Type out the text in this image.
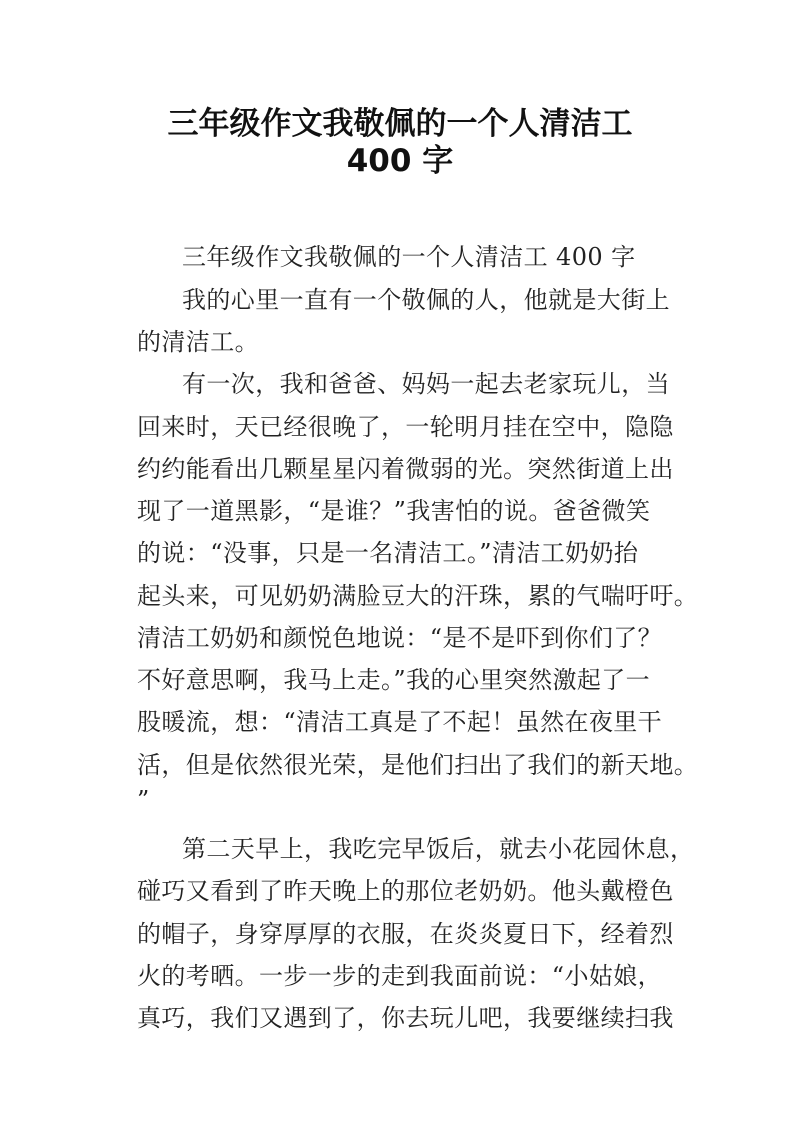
三年级作文我敬佩的一个人清洁工
400 字
三年级作文我敬佩的一个人清洁工 400 字
我的心里一直有一个敬佩的人，他就是大街上
的清洁工。
有一次，我和爸爸、妈妈一起去老家玩儿，当
回来时，天已经很晚了，一轮明月挂在空中，隐隐
约约能看出几颗星星闪着微弱的光。突然街道上出
现了一道黑影，“是谁？”我害怕的说。爸爸微笑
的说：“没事，只是一名清洁工。”清洁工奶奶抬
起头来，可见奶奶满脸豆大的汗珠，累的气喘吁吁。
清洁工奶奶和颜悦色地说：“是不是吓到你们了？
不好意思啊，我马上走。”我的心里突然激起了一
股暖流，想：“清洁工真是了不起！虽然在夜里干
活，但是依然很光荣，是他们扫出了我们的新天地。
”
第二天早上，我吃完早饭后，就去小花园休息，
碰巧又看到了昨天晚上的那位老奶奶。他头戴橙色
的帽子，身穿厚厚的衣服，在炎炎夏日下，经着烈
火的考晒。一步一步的走到我面前说：“小姑娘，
真巧，我们又遇到了，你去玩儿吧，我要继续扫我
